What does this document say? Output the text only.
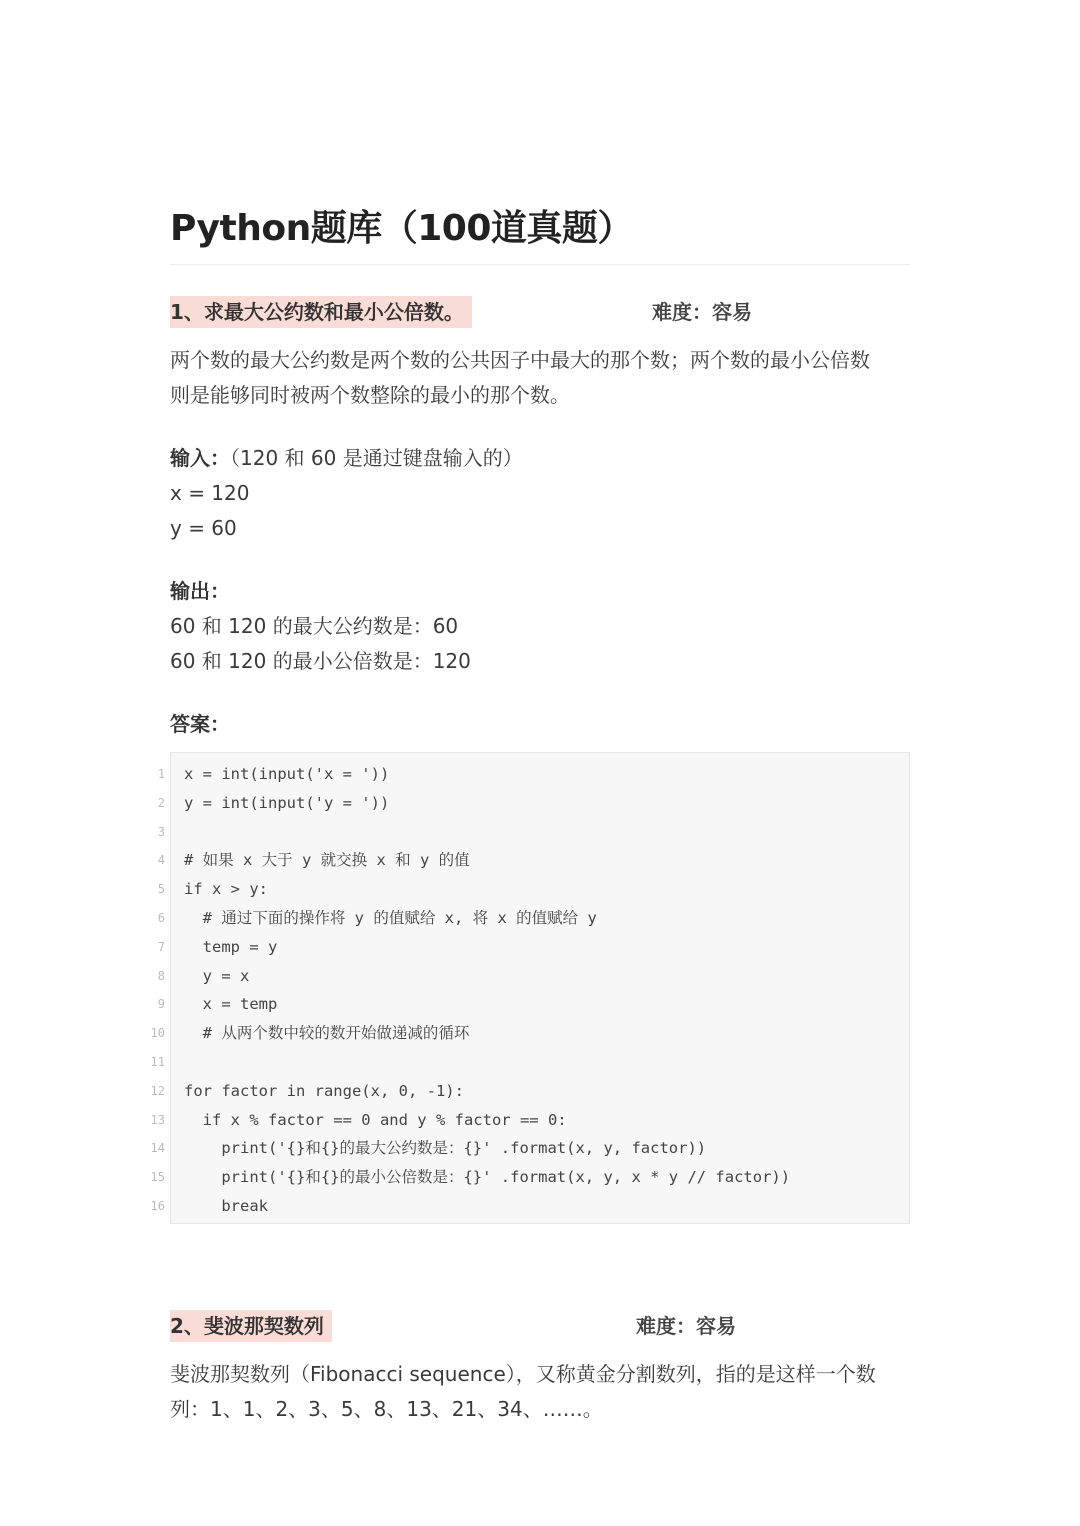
Python题库（100道真题）
1、求最大公约数和最小公倍数。	难度：容易
两个数的最大公约数是两个数的公共因子中最大的那个数；两个数的最小公倍数
则是能够同时被两个数整除的最小的那个数。
输入：（120 和 60 是通过键盘输入的）
x = 120
y = 60
输出：
60 和 120 的最大公约数是：60
60 和 120 的最小公倍数是：120
答案：
1 x = int(input('x = '))
2 y = int(input('y = '))
3
4 # 如果 x 大于 y 就交换 x 和 y 的值
5 if x > y:
6 # 通过下面的操作将 y 的值赋给 x, 将 x 的值赋给 y
7 temp = y
8 y = x
9 x = temp
10 # 从两个数中较的数开始做递减的循环
11
12 for factor in range(x, 0, -1):
13 if x % factor == 0 and y % factor == 0:
14 print('{}和{}的最大公约数是：{}' .format(x, y, factor))
15 print('{}和{}的最小公倍数是：{}' .format(x, y, x * y // factor))
16 break
2、斐波那契数列	难度：容易
斐波那契数列（Fibonacci sequence），又称黄金分割数列，指的是这样一个数
列：1、1、2、3、5、8、13、21、34、……。
